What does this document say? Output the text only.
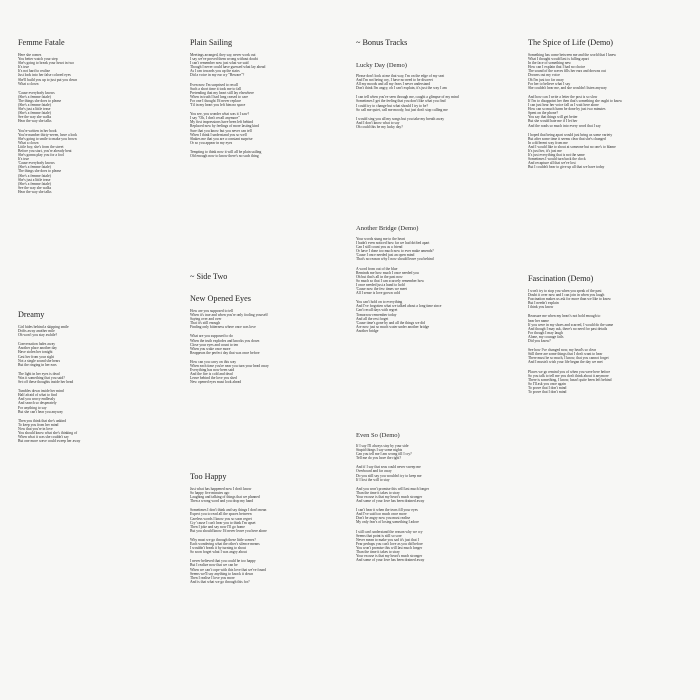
Femme Fatale
Here she comes
You better watch your step
She's going to break your heart in two
It's true
It's not hard to realize
Just look into her false colored eyes
She'll build you up to just put you down
What a clown
'Cause everybody knows
(She's a femme fatale)
The things she does to please
(She's a femme fatale)
She's just a little tease
(She's a femme fatale)
See the way she walks
Hear the way she talks
You're written in her book
You're number thirty-seven, have a look
She's going to smile to make you frown
What a clown
Little boy, she's from the street
Before you start, you're already beat
She's gonna play you for a fool
It's true
'Cause everybody knows
(She's a femme fatale)
The things she does to please
(She's a femme fatale)
She's just a little tease
(She's a femme fatale)
See the way she walks
Hear the way she talks
Dreamy
Girl hides behind a skipping smile
Drifts away another mile
Oh won't you stay awhile?
Conversation fades away
Another place another day
Have stolen her tonight
Cast her from your sight
Not a single sound she hears
But the ringing in her ears
The light in her eyes is dead
Was it something that you said?
Set off these thoughts inside her head
Tumbles down inside her mind
Half afraid of what to find
And you worry endlessly
And search so desperately
For anything to say
But she can't hear you anyway
Then you think that she's unkind
To keep you from her mind
Now that you're in love
You should know what she's thinking of
When what it was she couldn't say
But one more wave could sweep her away
Plain Sailing
Meetings arranged, they say, never work out
I say we've proved them wrong without doubt
I can't remember now just what we said
Though I never could have guessed what lay ahead
As I ran towards you up the stairs
Did a voice in my ear cry "Beware"?
Even now I'm surprised to recall
Such a short time it took me to fall
Pretending that my heart still lay elsewhere
When in truth I had long ceased to care
For one I thought I'd never replace
'Til in my heart you left him no space
You see, you wonder what was it I saw?
I say "Oh, I don't recall anymore"
My first impressions have been left behind
Replaced now by feelings of more lasting kind
Sure that you know but you never can tell
When I think I understand you so well
Shakes me that you are a constant surprise
Or so you appear in my eyes
Tempting to think now it will all be plain sailing
Old enough now to know there's no such thing
~ Side Two
New Opened Eyes
How are you supposed to tell
When it's true and when you're only fooling yourself
Saying over and over
That it's still enough
Finding only bitterness where once was love
What are you supposed to do
When the truth explodes and knocks you down
Close your eyes and count to ten
When you wake once more
Reappears the perfect day that was once before
How can you carry on this way
When each time you're near you turn your head away
Everything has now been said
And the fire is cold and dead
Leave behind the love you shed
New opened eyes must look ahead
Too Happy
Just what has happened now I don't know
So happy five minutes ago
Laughing and talking of things that we planned
Then a wrong word and you drop my hand
Sometimes I don't think and say things I don't mean
Expect you to read all the spaces between
Careless words I know you so soon regret
Cry 'cause I can't hear you to think I'm upset
Then I joke and say now I'll go home
But you should know I'd never leave you here alone
Why must we go through these little scenes?
Each wondering what the other's silence means
I wouldn't break it by turning to shout
So soon forget what I was angry about
I never believed that you could be too happy
But I realize now that we can be
When we can't cope with this love that we've found
Seems we'll say anything to knock it down
Then I realise I love you more
And is that what we go through this for?
~ Bonus Tracks
Lucky Day (Demo)
Please don't look at me that way, I'm on the edge of my seat
And I'm not being coy, I have no need to be discreet
All my moods and all my fears I never understand
Don't think I'm angry, oh I can't explain, it's just the way I am
I can tell when you've seen through me, caught a glimpse of my mind
Sometimes I get the feeling that you don't like what you find
I could try to change but what should I try to be?
So call me quiet, call me moody, but just don't stop calling me
I would sing you all my songs but you take my breath away
And I don't know what to say
Oh could this be my lucky day?
Another Bridge (Demo)
Your words stung me to the heart
I hadn't even noticed how far we had drifted apart
Can I still count you as a friend
Or have I done too much now to ever make amends?
'Cause I once needed just an open mind
That's no reason why I now should leave you behind
A word from out of the blue
Reminds me how much I once needed you
Oh but that's all in the past now
So much so that I can scarcely remember how
I once needed just a hand to hold
'Cause now the few times we meet
All I sense is love grown cold
You can't hold on to everything
And I've forgotten what we talked about a long time since
Can't recall days with regret
Tomorrow remember today
And all the rest forget
'Cause time's gone by and all the things we did
Are now just so much water under another bridge
Another bridge
Even So (Demo)
If I say I'll always stay by your side
Stupid things I say some nights
Can you tell me I am wrong till I cry?
Tell me do you have the right?
And if I say that seas could never sweep me
Overboard and far away
Do you still say you wouldn't try to keep me
If I lost the will to stay
And you won't promise this will last much longer
Than the time it takes to stray
Your excuse is that my heart's much stronger
And some of your love has been drained away
I can't hear it when the tears fill your eyes
And I've said too much once more
Don't be angry now you must realise
My only fear's of losing something I adore
I still can't understand the reason why we cry
Seems that point is still so sore
Never mean to make you sad it's just that I
Fear perhaps you can't love as you did before
You won't promise this will last much longer
Than the time it takes to stray
Your excuse is that my heart's much stronger
And some of your love has been drained away
The Spice of Life (Demo)
Something has come between me and the world that I knew
What I thought would last is falling apart
In the face of something new
How can I explain that I had no choice
The sound of the waves fills her ears and drowns out
Drowns out my voice
Oh I'm just too far away
For her to believe what I say
She couldn't hear me, and she wouldn't listen anyway
And how can I write a letter the post is so slow
If I'm to disappoint her then that's something she ought to know
I can just hear her voice fall as I wait here alone
How can so much harm be done by just two minutes
Spent on the phone?
You say that things will get better
But she would hate me if I let her
And the roads so much into every word that I say
I hoped that being apart would just bring us some variety
But after some time it seems clear that she's changed
In a different way from me
And I would like to shout at someone but no one's to blame
It's just her, it's just me
It's just everything that is not the same
Sometimes I would turn back the clock
And recapture all that we've lost
But I couldn't bear to give up all that we have today
Fascination (Demo)
I won't try to stop you when you speak of the past
Doubt it over now and I can join in when you laugh
Fascination makes us ask for more than we like to know
But I needn't explain
I think you know
Reassure me when my heart's not bold enough to
hear her name
If you were in my shoes and scarred, I would do the same
And though I may ask, there's no need for past details
For though I may laugh
Alone, my courage fails
Did you know?
See how I've changed now, my head's so clear
Still there are some things that I don't want to hear
There must be so much, I know, that you cannot forget
And I mustn't wish your life began the day we met
Places we go remind you of when you were here before
So you talk to tell me you don't think about it anymore
There is something, I know, hasn't quite been left behind
So I'll ask you once again
To prove that I don't mind
To prove that I don't mind
